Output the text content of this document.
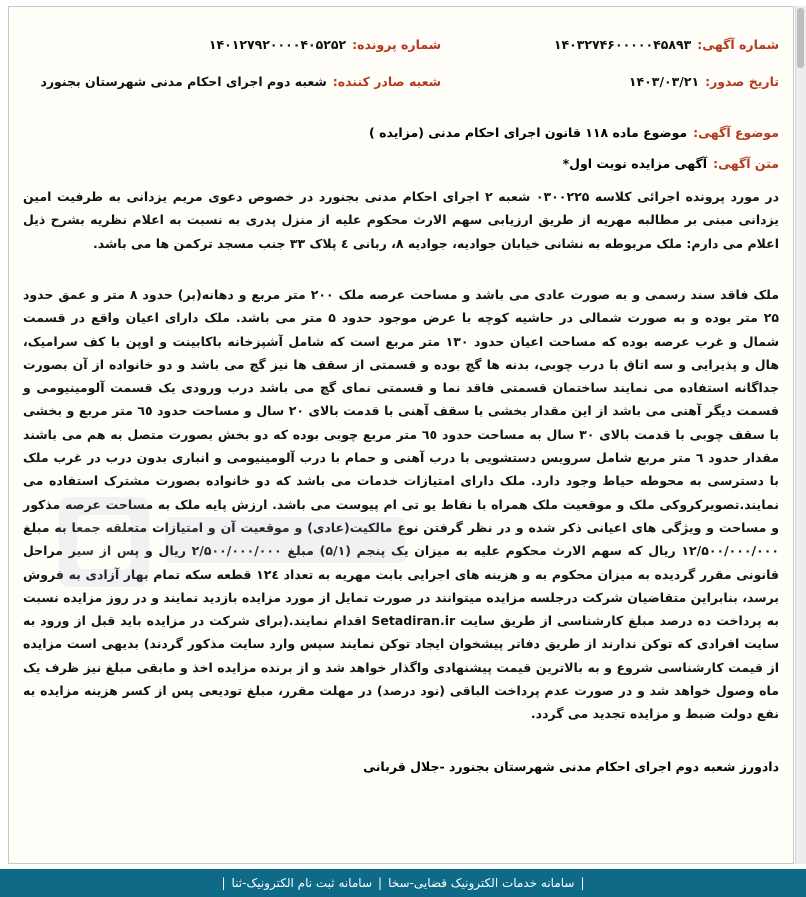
شماره آگهی:۱۴۰۳۲۷۴۶۰۰۰۰۰۴۵۸۹۳
شماره پرونده:۱۴۰۱۲۷۹۲۰۰۰۰۴۰۵۲۵۲
تاریخ صدور:۱۴۰۳/۰۳/۲۱
شعبه صادر کننده:شعبه دوم اجرای احکام مدنی شهرستان بجنورد
موضوع آگهی:موضوع ماده ۱۱۸ قانون اجرای احکام مدنی (مزایده )
متن آگهی:آگهی مزایده نوبت اول*
در مورد پرونده اجرائی کلاسه ۰۳۰۰۲۲۵ شعبه ۲ اجرای احکام مدنی بجنورد در خصوص دعوی مریم یزدانی به طرفیت امین یزدانی مبنی بر مطالبه مهریه از طریق ارزیابی سهم الارث محکوم علیه از منزل پدری به نسبت به اعلام نظریه بشرح ذیل اعلام می دارم: ملک مربوطه به نشانی خیابان جوادیه، جوادیه ۸، ربانی ٤ پلاک ۳۳ جنب مسجد ترکمن ها می باشد.
ملک فاقد سند رسمی و به صورت عادی می باشد و مساحت عرصه ملک ۲۰۰ متر مربع و دهانه(بر) حدود ۸ متر و عمق حدود ۲۵ متر بوده و به صورت شمالی در حاشیه کوچه با عرض موجود حدود ۵ متر می باشد. ملک دارای اعیان واقع در قسمت شمال و غرب عرصه بوده که مساحت اعیان حدود ۱۳۰ متر مربع است که شامل آشپزخانه باکابینت و اوپن با کف سرامیک، هال و پذیرایی و سه اتاق با درب چوبی، بدنه ها گچ بوده و قسمتی از سقف ها نیز گچ می باشد و دو خانواده از آن بصورت جداگانه استفاده می نمایند ساختمان قسمتی فاقد نما و قسمتی نمای گچ می باشد درب ورودی یک قسمت آلومینیومی و قسمت دیگر آهنی می باشد از این مقدار بخشی با سقف آهنی با قدمت بالای ۲۰ سال و مساحت حدود ٦٥ متر مربع و بخشی با سقف چوبی با قدمت بالای ۳۰ سال به مساحت حدود ٦٥ متر مربع چوبی بوده که دو بخش بصورت متصل به هم می باشند مقدار حدود ٦ متر مربع شامل سرویس دستشویی با درب آهنی و حمام با درب آلومینیومی و انباری بدون درب در غرب ملک با دسترسی به محوطه حیاط وجود دارد. ملک دارای امتیازات خدمات می باشد که دو خانواده بصورت مشترک استفاده می نمایند.تصویرکروکی ملک و موقعیت ملک همراه با نقاط یو تی ام پیوست می باشد. ارزش پایه ملک به مساحت عرصه مذکور و مساحت و ویژگی های اعیانی ذکر شده و در نظر گرفتن نوع مالکیت(عادی) و موقعیت آن و امتیازات متعلقه جمعا به مبلغ ۱۲/۵۰۰/۰۰۰/۰۰۰ ریال که سهم الارث محکوم علیه به میزان یک پنجم (۵/۱) مبلغ ۲/۵۰۰/۰۰۰/۰۰۰ ریال و پس از سیر مراحل قانونی مقرر گردیده به میزان محکوم به و هزینه های اجرایی بابت مهریه به تعداد ۱۲٤ قطعه سکه تمام بهار آزادی به فروش برسد، بنابراین متقاضیان شرکت درجلسه مزایده میتوانند در صورت تمایل از مورد مزایده بازدید نمایند و در روز مزایده نسبت به پرداخت ده درصد مبلغ کارشناسی از طریق سایت Setadiran.ir اقدام نمایند.(برای شرکت در مزایده باید قبل از ورود به سایت افرادی که توکن ندارند از طریق دفاتر پیشخوان ایجاد توکن نمایند سپس وارد سایت مذکور گردند) بدیهی است مزایده از قیمت کارشناسی شروع و به بالاترین قیمت پیشنهادی واگذار خواهد شد و از برنده مزایده اخذ و مابقی مبلغ نیز ظرف یک ماه وصول خواهد شد و در صورت عدم پرداخت الباقی (نود درصد) در مهلت مقرر، مبلغ تودیعی پس از کسر هزینه مزایده به نفع دولت ضبط و مزایده تجدید می گردد.
دادورز شعبه دوم اجرای احکام مدنی شهرستان بجنورد -جلال قربانی
|
سامانه خدمات الکترونیک قضایی-سخا
|
سامانه ثبت نام الکترونیک-ثنا
|
